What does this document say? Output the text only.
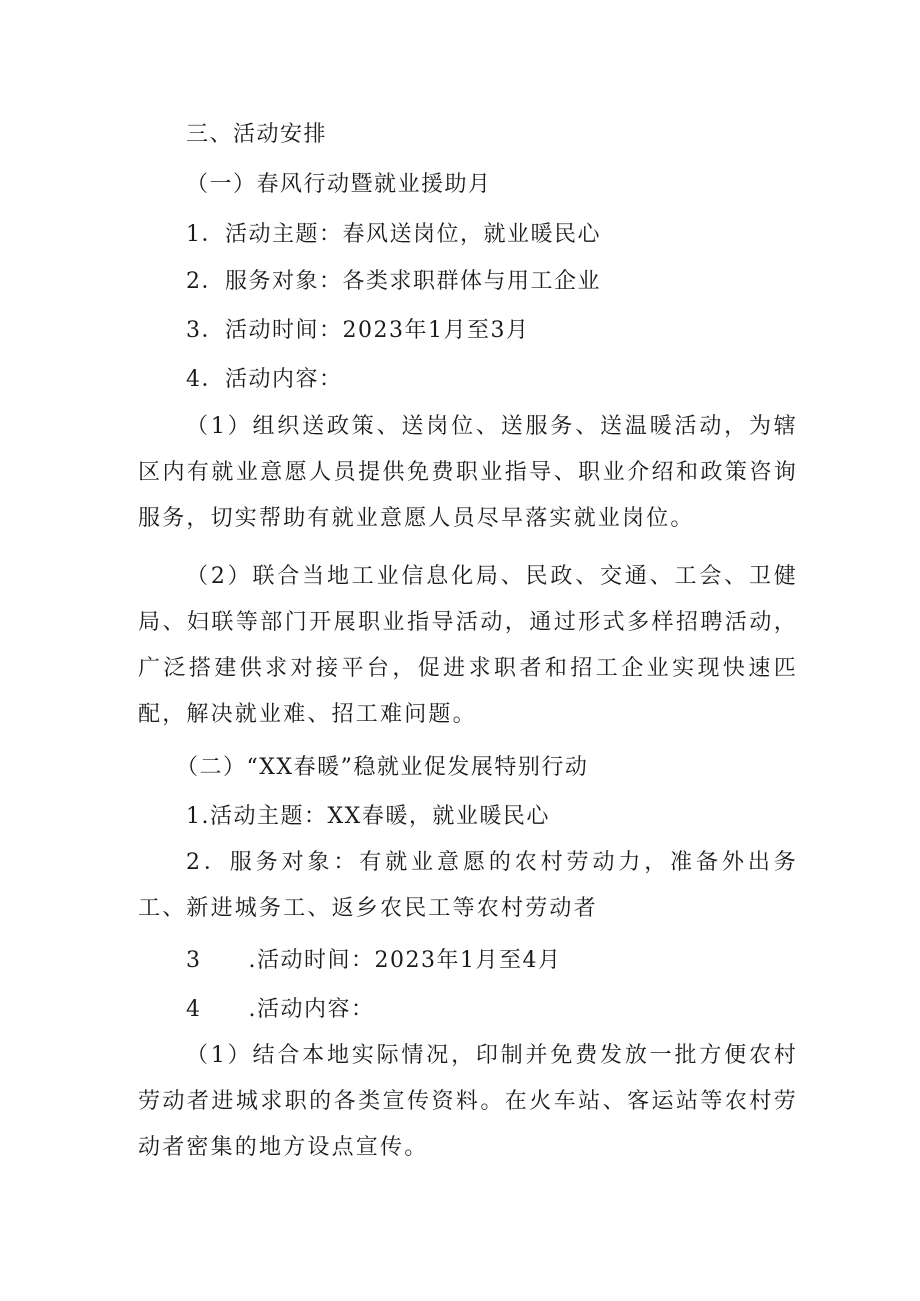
三、活动安排
（一）春风行动暨就业援助月
1．活动主题：春风送岗位，就业暖民心
2．服务对象：各类求职群体与用工企业
3．活动时间：2023年1月至3月
4．活动内容：
（1）组织送政策、送岗位、送服务、送温暖活动，为辖区内有就业意愿人员提供免费职业指导、职业介绍和政策咨询服务，切实帮助有就业意愿人员尽早落实就业岗位。
（2）联合当地工业信息化局、民政、交通、工会、卫健局、妇联等部门开展职业指导活动，通过形式多样招聘活动，广泛搭建供求对接平台，促进求职者和招工企业实现快速匹配，解决就业难、招工难问题。
（二）“XX春暖”稳就业促发展特别行动
1.活动主题：XX春暖，就业暖民心
2．服务对象：有就业意愿的农村劳动力，准备外出务工、新进城务工、返乡农民工等农村劳动者
3　　.活动时间：2023年1月至4月
4　　.活动内容：
（1）结合本地实际情况，印制并免费发放一批方便农村劳动者进城求职的各类宣传资料。在火车站、客运站等农村劳动者密集的地方设点宣传。
